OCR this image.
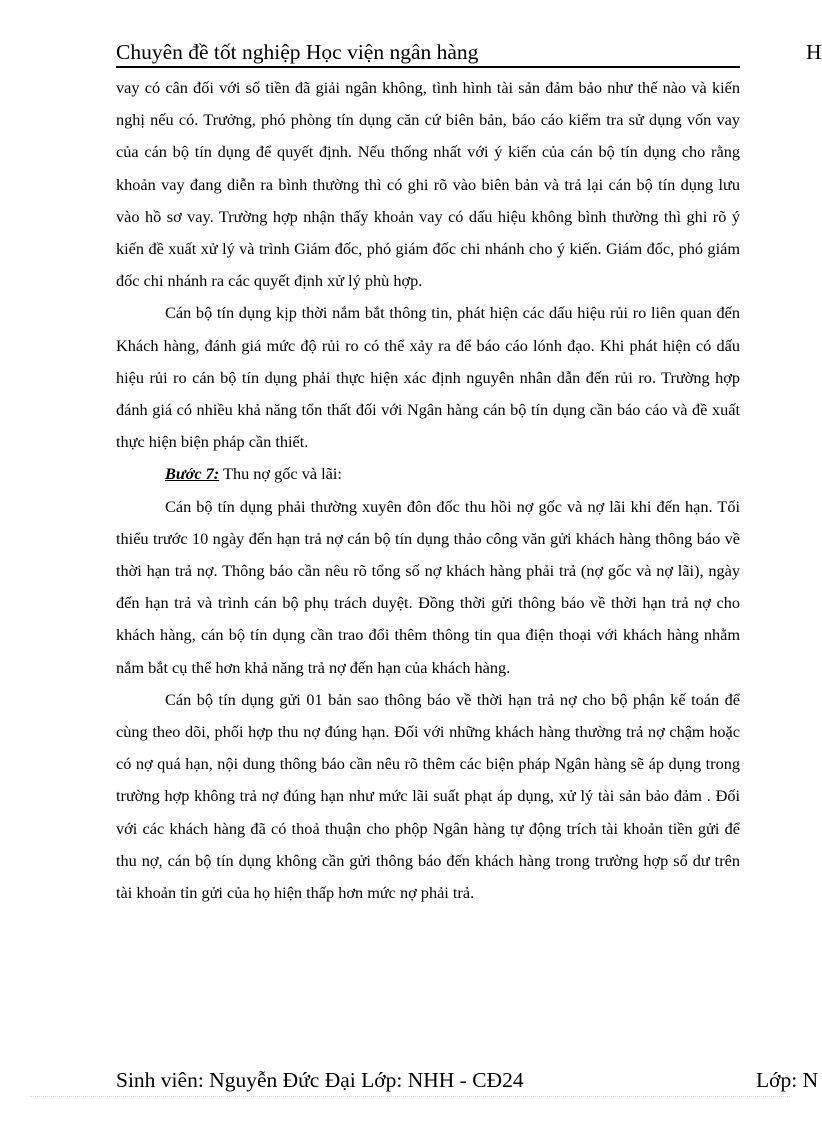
Chuyên đề tốt nghiệp Học viện ngân hàng	H

vay có cân đối với số tiền đã giải ngân không, tình hình tài sản đảm bảo như thế nào và kiến nghị nếu có. Trưởng, phó phòng tín dụng căn cứ biên bản, báo cáo kiểm tra sử dụng vốn vay của cán bộ tín dụng để quyết định. Nếu thống nhất với ý kiến của cán bộ tín dụng cho rằng khoản vay đang diễn ra bình thường thì có ghi rõ vào biên bản và trả lại cán bộ tín dụng lưu vào hồ sơ vay. Trường hợp nhận thấy khoản vay có dấu hiệu không bình thường thì ghi rõ ý kiến đề xuất xử lý và trình Giám đốc, phó giám đốc chi nhánh cho ý kiến. Giám đốc, phó giám đốc chi nhánh ra các quyết định xử lý phù hợp.

Cán bộ tín dụng kịp thời nắm bắt thông tin, phát hiện các dấu hiệu rủi ro liên quan đến Khách hàng, đánh giá mức độ rủi ro có thể xảy ra để báo cáo lónh đạo. Khi phát hiện có dấu hiệu rủi ro cán bộ tín dụng phải thực hiện xác định nguyên nhân dẫn đến rủi ro. Trường hợp đánh giá có nhiều khả năng tổn thất đối với Ngân hàng cán bộ tín dụng cần báo cáo và đề xuất thực hiện biện pháp cần thiết.

Bước 7: Thu nợ gốc và lãi:

Cán bộ tín dụng phải thường xuyên đôn đốc thu hồi nợ gốc và nợ lãi khi đến hạn. Tối thiểu trước 10 ngày đến hạn trả nợ cán bộ tín dụng thảo công văn gửi khách hàng thông báo về thời hạn trả nợ. Thông báo cần nêu rõ tổng số nợ khách hàng phải trả (nợ gốc và nợ lãi), ngày đến hạn trả và trình cán bộ phụ trách duyệt. Đồng thời gửi thông báo về thời hạn trả nợ cho khách hàng, cán bộ tín dụng cần trao đổi thêm thông tin qua điện thoại với khách hàng nhằm nắm bắt cụ thể hơn khả năng trả nợ đến hạn của khách hàng.

Cán bộ tín dụng gửi 01 bản sao thông báo về thời hạn trả nợ cho bộ phận kế toán để cùng theo dõi, phối hợp thu nợ đúng hạn. Đối với những khách hàng thường trả nợ chậm hoặc có nợ quá hạn, nội dung thông báo cần nêu rõ thêm các biện pháp Ngân hàng sẽ áp dụng trong trường hợp không trả nợ đúng hạn như mức lãi suất phạt áp dụng, xử lý tài sản bảo đảm . Đối với các khách hàng đã có thoả thuận cho phộp Ngân hàng tự động trích tài khoản tiền gửi để thu nợ, cán bộ tín dụng không cần gửi thông báo đến khách hàng trong trường hợp số dư trên tài khoản tỉn gửi của họ hiện thấp hơn mức nợ phải trả.

Sinh viên: Nguyễn Đức Đại Lớp: NHH - CĐ24	Lớp: N
